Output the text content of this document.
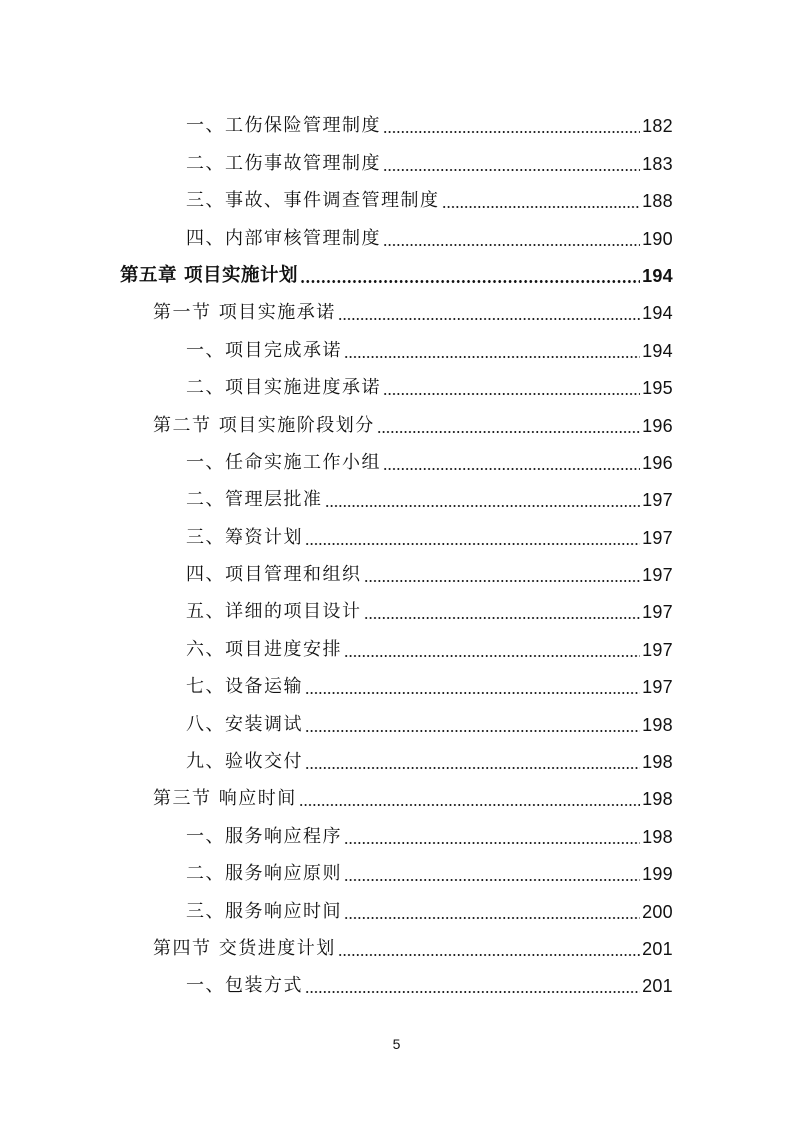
一、工伤保险管理制度	182
二、工伤事故管理制度	183
三、事故、事件调查管理制度	188
四、内部审核管理制度	190
第五章 项目实施计划	194
第一节 项目实施承诺	194
一、项目完成承诺	194
二、项目实施进度承诺	195
第二节 项目实施阶段划分	196
一、任命实施工作小组	196
二、管理层批准	197
三、筹资计划	197
四、项目管理和组织	197
五、详细的项目设计	197
六、项目进度安排	197
七、设备运输	197
八、安装调试	198
九、验收交付	198
第三节 响应时间	198
一、服务响应程序	198
二、服务响应原则	199
三、服务响应时间	200
第四节 交货进度计划	201
一、包装方式	201
5
